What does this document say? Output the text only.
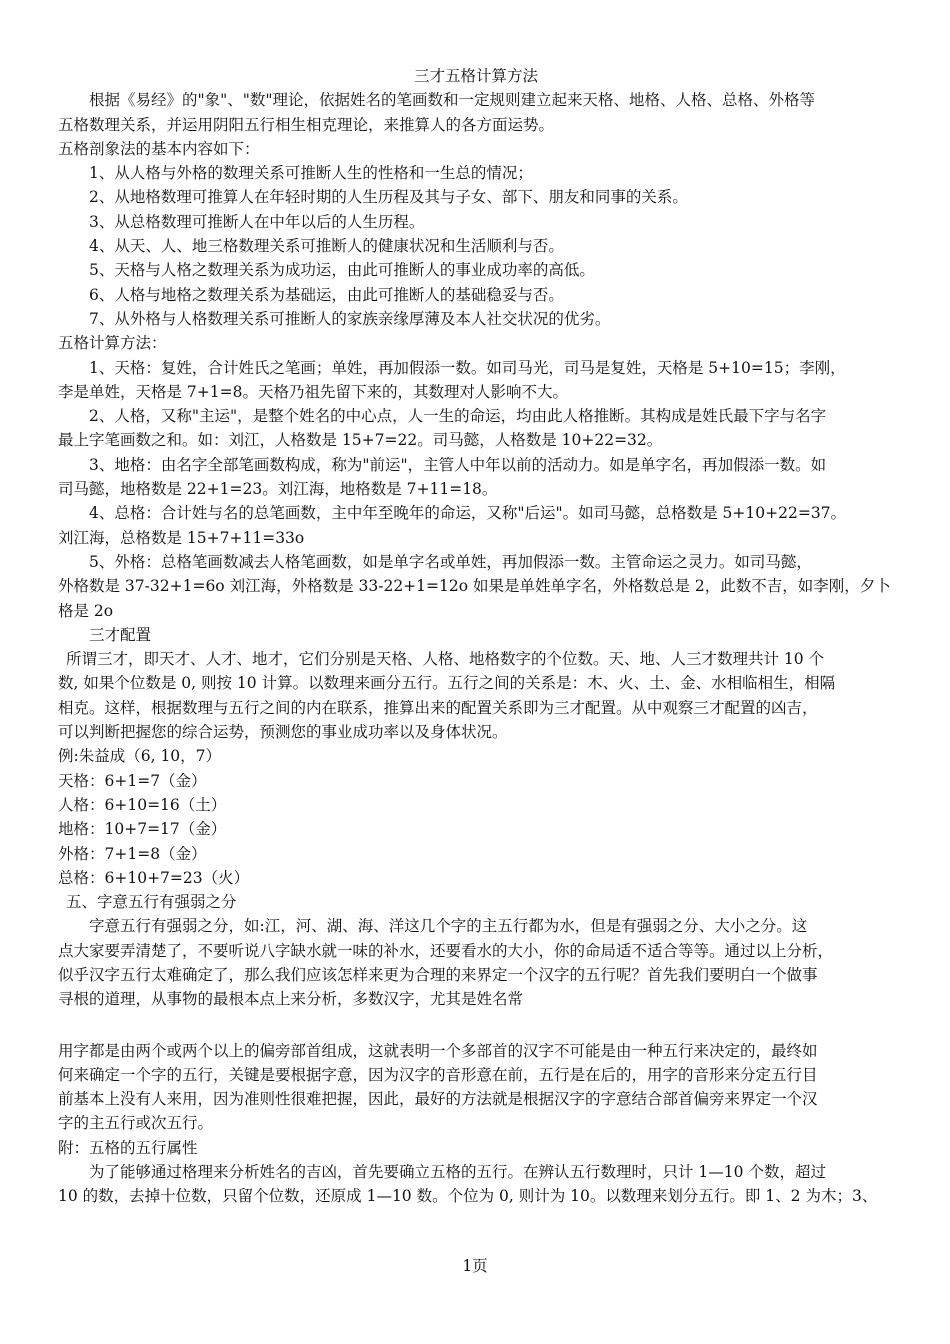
三才五格计算方法
根据《易经》的"象"、"数"理论，依据姓名的笔画数和一定规则建立起来天格、地格、人格、总格、外格等
五格数理关系，并运用阴阳五行相生相克理论，来推算人的各方面运势。
五格剖象法的基本内容如下：
1、从人格与外格的数理关系可推断人生的性格和一生总的情况；
2、从地格数理可推算人在年轻时期的人生历程及其与子女、部下、朋友和同事的关系。
3、从总格数理可推断人在中年以后的人生历程。
4、从天、人、地三格数理关系可推断人的健康状况和生活顺利与否。
5、天格与人格之数理关系为成功运，由此可推断人的事业成功率的高低。
6、人格与地格之数理关系为基础运，由此可推断人的基础稳妥与否。
7、从外格与人格数理关系可推断人的家族亲缘厚薄及本人社交状况的优劣。
五格计算方法：
1、天格：复姓，合计姓氏之笔画；单姓，再加假添一数。如司马光，司马是复姓，天格是 5+10=15；李刚，
李是单姓，天格是 7+1=8。天格乃祖先留下来的，其数理对人影响不大。
2、人格，又称"主运"，是整个姓名的中心点，人一生的命运，均由此人格推断。其构成是姓氏最下字与名字
最上字笔画数之和。如：刘江，人格数是 15+7=22。司马懿，人格数是 10+22=32。
3、地格：由名字全部笔画数构成，称为"前运"，主管人中年以前的活动力。如是单字名，再加假添一数。如
司马懿，地格数是 22+1=23。刘江海，地格数是 7+11=18。
4、总格：合计姓与名的总笔画数，主中年至晚年的命运，又称"后运"。如司马懿，总格数是 5+10+22=37。
刘江海，总格数是 15+7+11=33o
5、外格：总格笔画数减去人格笔画数，如是单字名或单姓，再加假添一数。主管命运之灵力。如司马懿，
外格数是 37-32+1=6o 刘江海，外格数是 33-22+1=12o 如果是单姓单字名，外格数总是 2，此数不吉，如李刚，夕卜
格是 2o
三才配置
所谓三才，即天才、人才、地才，它们分别是天格、人格、地格数字的个位数。天、地、人三才数理共计 10 个
数, 如果个位数是 0, 则按 10 计算。以数理来画分五行。五行之间的关系是：木、火、土、金、水相临相生，相隔
相克。这样，根据数理与五行之间的内在联系，推算出来的配置关系即为三才配置。从中观察三才配置的凶吉，
可以判断把握您的综合运势，预测您的事业成功率以及身体状况。
例:朱益成（6, 10，7）
天格：6+1=7（金）
人格：6+10=16（土）
地格：10+7=17（金）
外格：7+1=8（金）
总格：6+10+7=23（火）
五、字意五行有强弱之分
字意五行有强弱之分，如:江，河、湖、海、洋这几个字的主五行都为水，但是有强弱之分、大小之分。这
点大家要弄清楚了，不要听说八字缺水就一味的补水，还要看水的大小，你的命局适不适合等等。通过以上分析，
似乎汉字五行太难确定了，那么我们应该怎样来更为合理的来界定一个汉字的五行呢？首先我们要明白一个做事
寻根的道理，从事物的最根本点上来分析，多数汉字，尤其是姓名常
用字都是由两个或两个以上的偏旁部首组成，这就表明一个多部首的汉字不可能是由一种五行来决定的，最终如
何来确定一个字的五行，关键是要根据字意，因为汉字的音形意在前，五行是在后的，用字的音形来分定五行目
前基本上没有人来用，因为准则性很难把握，因此，最好的方法就是根据汉字的字意结合部首偏旁来界定一个汉
字的主五行或次五行。
附：五格的五行属性
为了能够通过格理来分析姓名的吉凶，首先要确立五格的五行。在辨认五行数理时，只计 1—10 个数，超过
10 的数，去掉十位数，只留个位数，还原成 1—10 数。个位为 0, 则计为 10。以数理来划分五行。即 1、2 为木；3、
1页
